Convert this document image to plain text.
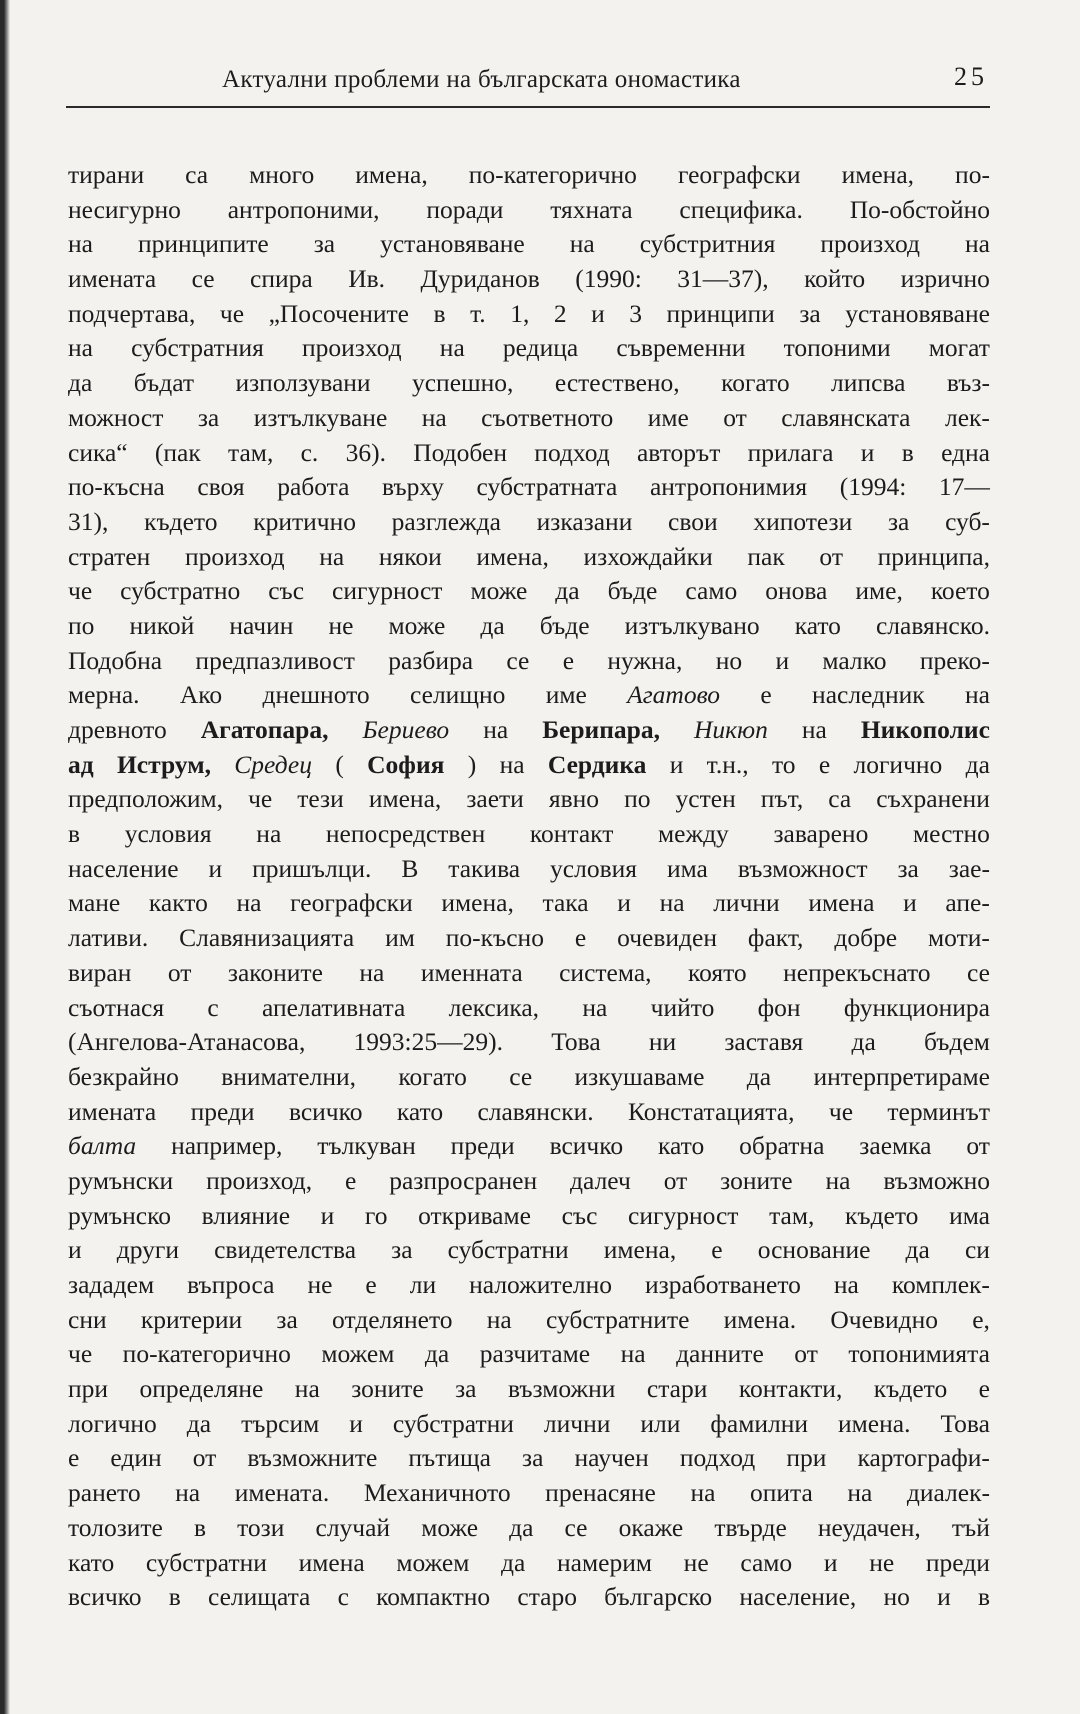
Актуални проблеми на българската ономастика	25
тирани са много имена, по-категорично географски имена, по-
несигурно антропоними, поради тяхната специфика. По-обстойно
на принципите за установяване на субстритния произход на
имената се спира Ив. Дуриданов (1990: 31—37), който изрично
подчертава, че „Посочените в т. 1, 2 и 3 принципи за установяване
на субстратния произход на редица съвременни топоними могат
да бъдат използувани успешно, естествено, когато липсва въз-
можност за изтълкуване на съответното име от славянската лек-
сика“ (пак там, с. 36). Подобен подход авторът прилага и в една
по-късна своя работа върху субстратната антропонимия (1994: 17—
31), където критично разглежда изказани свои хипотези за суб-
стратен произход на някои имена, изхождайки пак от принципа,
че субстратно със сигурност може да бъде само онова име, което
по никой начин не може да бъде изтълкувано като славянско.
Подобна предпазливост разбира се е нужна, но и малко преко-
мерна. Ако днешното селищно име Агатово е наследник на
древното Агатопара, Бериево на Берипара, Никюп на Никополис
ад Иструм, Средец ( София ) на Сердика и т.н., то е логично да
предположим, че тези имена, заети явно по устен път, са съхранени
в условия на непосредствен контакт между заварено местно
население и пришълци. В такива условия има възможност за зае-
мане както на географски имена, така и на лични имена и апе-
лативи. Славянизацията им по-късно е очевиден факт, добре моти-
виран от законите на именната система, която непрекъснато се
съотнася с апелативната лексика, на чийто фон функционира
(Ангелова-Атанасова, 1993:25—29). Това ни заставя да бъдем
безкрайно внимателни, когато се изкушаваме да интерпретираме
имената преди всичко като славянски. Констатацията, че терминът
балта например, тълкуван преди всичко като обратна заемка от
румънски произход, е разпросранен далеч от зоните на възможно
румънско влияние и го откриваме със сигурност там, където има
и други свидетелства за субстратни имена, е основание да си
зададем въпроса не е ли наложително изработването на комплек-
сни критерии за отделянето на субстратните имена. Очевидно е,
че по-категорично можем да разчитаме на данните от топонимията
при определяне на зоните за възможни стари контакти, където е
логично да търсим и субстратни лични или фамилни имена. Това
е един от възможните пътища за научен подход при картографи-
рането на имената. Механичното пренасяне на опита на диалек-
толозите в този случай може да се окаже твърде неудачен, тъй
като субстратни имена можем да намерим не само и не преди
всичко в селищата с компактно старо българско население, но и в
